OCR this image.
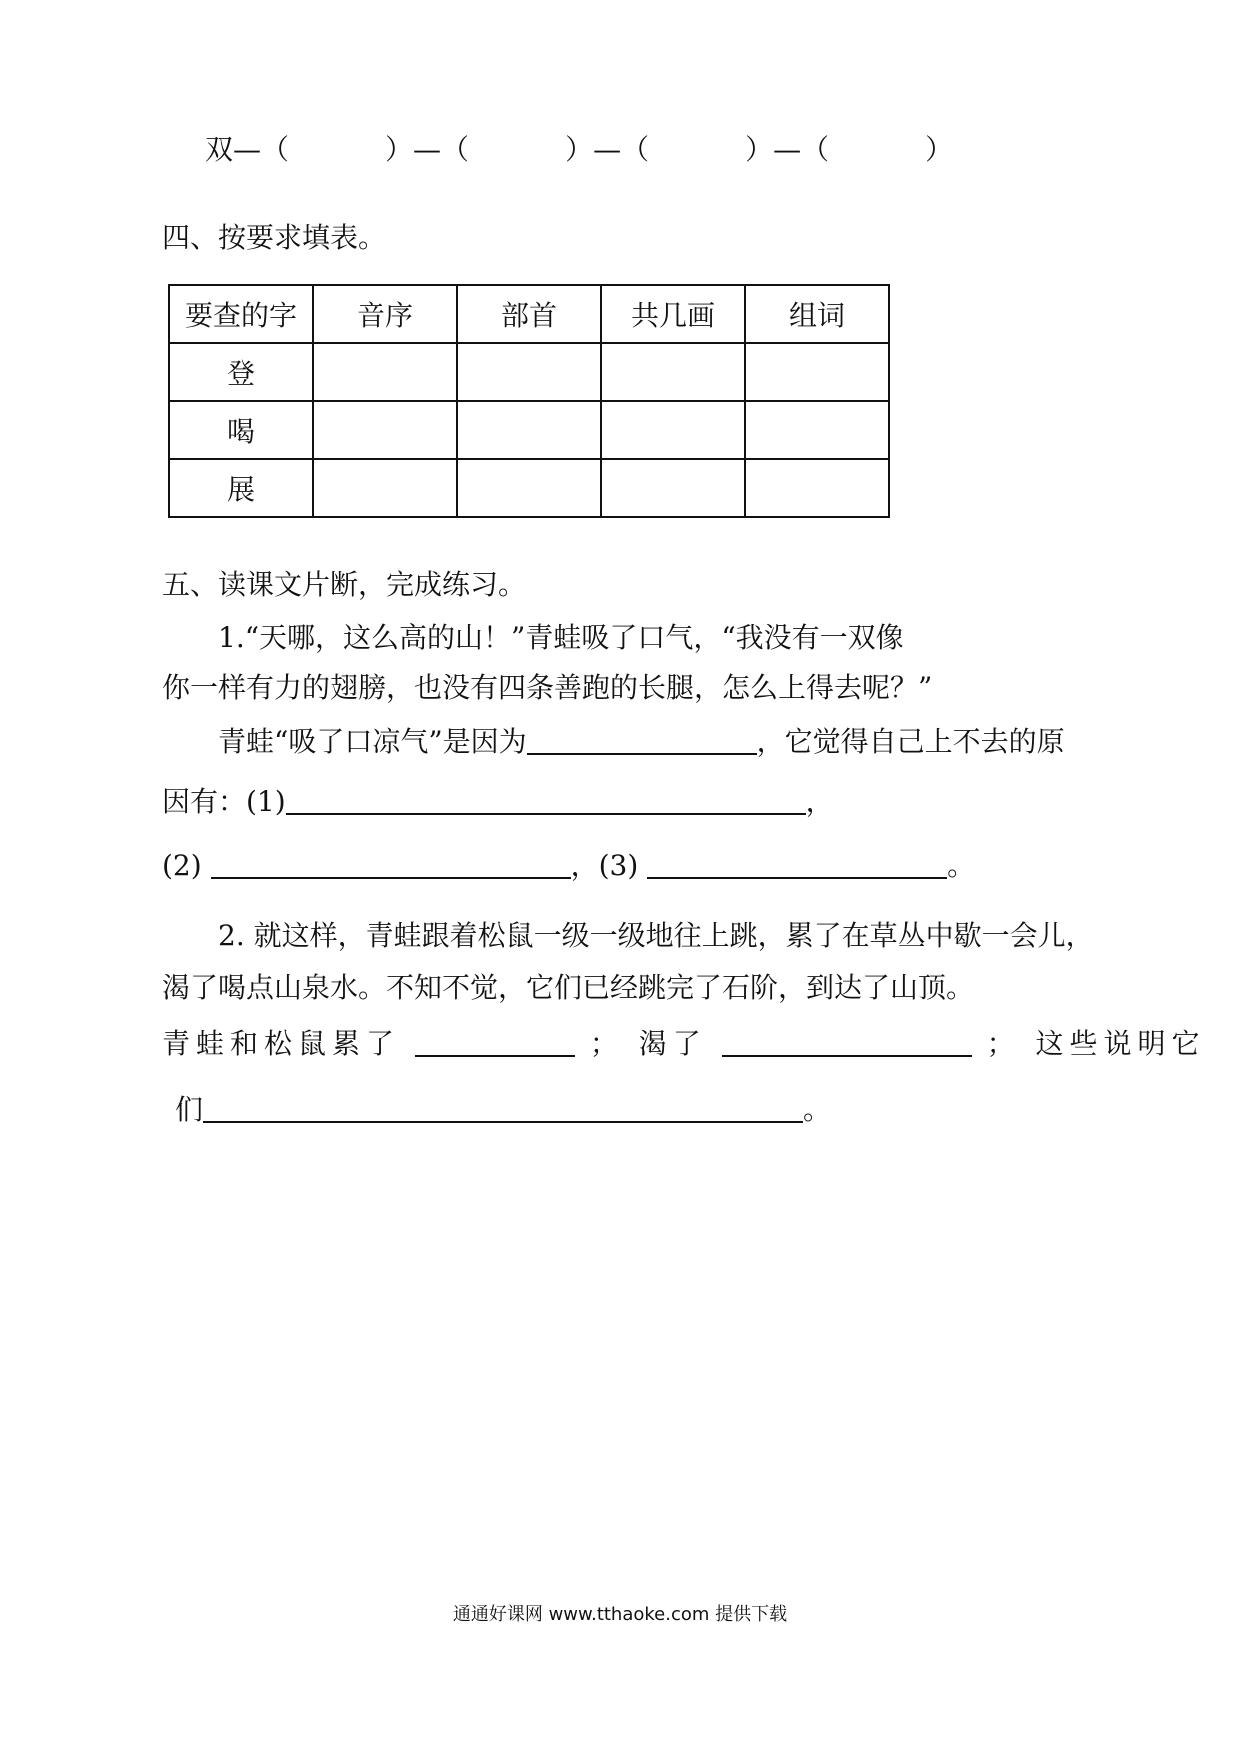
双—（	）—（	）—（	）—（	）
四、按要求填表。
要查的字	音序	部首	共几画	组词
登				
喝				
展				
五、读课文片断，完成练习。
1.“天哪，这么高的山！”青蛙吸了口气，“我没有一双像
你一样有力的翅膀，也没有四条善跑的长腿，怎么上得去呢？”
青蛙“吸了口凉气”是因为	，它觉得自己上不去的原
因有：(1)	，
(2)	，(3)	。
2. 就这样，青蛙跟着松鼠一级一级地往上跳，累了在草丛中歇一会儿，
渴了喝点山泉水。不知不觉，它们已经跳完了石阶，到达了山顶。
青蛙和松鼠累了	； 渴了	； 这些说明它
们	。
通通好课网 www.tthaoke.com 提供下载
